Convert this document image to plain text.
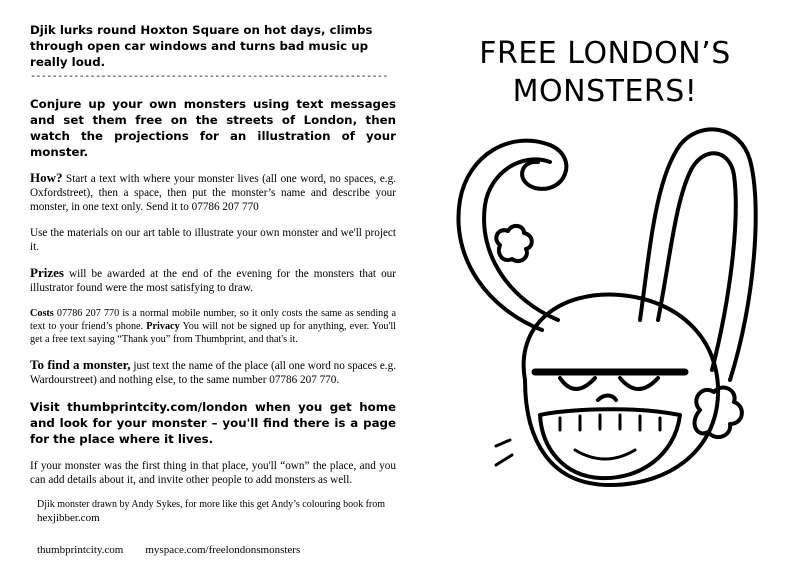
Djik lurks round Hoxton Square on hot days, climbs through open car windows and turns bad music up really loud.

------------------------------------------------------------------

Conjure up your own monsters using text messages and set them free on the streets of London, then watch the projections for an illustration of your monster.

How? Start a text with where your monster lives (all one word, no spaces, e.g. Oxfordstreet), then a space, then put the monster’s name and describe your monster, in one text only. Send it to 07786 207 770

Use the materials on our art table to illustrate your own monster and we'll project it.

Prizes will be awarded at the end of the evening for the monsters that our illustrator found were the most satisfying to draw.

Costs 07786 207 770 is a normal mobile number, so it only costs the same as sending a text to your friend’s phone. Privacy You will not be signed up for anything, ever. You'll get a free text saying “Thank you” from Thumbprint, and that's it.

To find a monster, just text the name of the place (all one word no spaces e.g. Wardourstreet) and nothing else, to the same number 07786 207 770.

Visit thumbprintcity.com/london when you get home and look for your monster – you'll find there is a page for the place where it lives.

If your monster was the first thing in that place, you'll “own” the place, and you can add details about it, and invite other people to add monsters as well.

Djik monster drawn by Andy Sykes, for more like this get Andy’s colouring book from

hexjibber.com

thumbprintcity.com myspace.com/freelondonsmonsters
FREE LONDON’S
MONSTERS!
